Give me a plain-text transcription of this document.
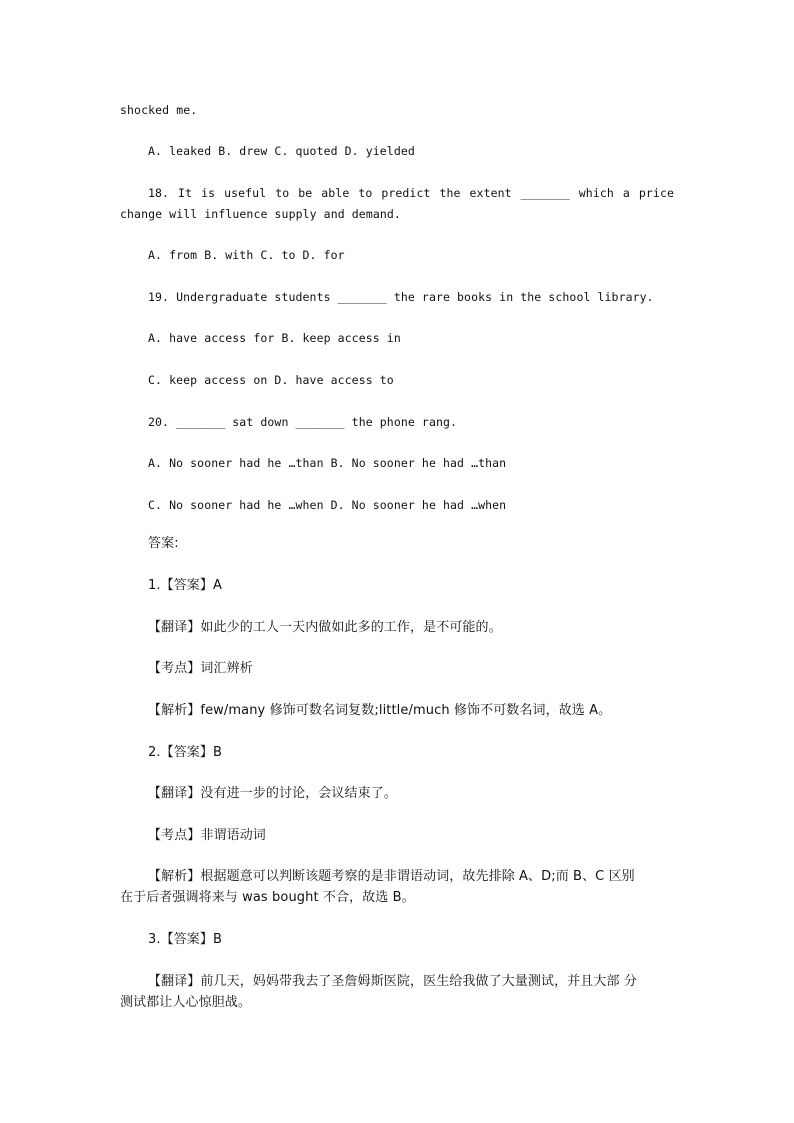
shocked me.
A. leaked B. drew C. quoted D. yielded
18. It is useful to be able to predict the extent _______ which a price
change will influence supply and demand.
A. from B. with C. to D. for
19. Undergraduate students _______ the rare books in the school library.
A. have access for B. keep access in
C. keep access on D. have access to
20. _______ sat down _______ the phone rang.
A. No sooner had he …than B. No sooner he had …than
C. No sooner had he …when D. No sooner he had …when
答案:
1.【答案】A
【翻译】如此少的工人一天内做如此多的工作，是不可能的。
【考点】词汇辨析
【解析】few/many 修饰可数名词复数;little/much 修饰不可数名词，故选 A。
2.【答案】B
【翻译】没有进一步的讨论，会议结束了。
【考点】非谓语动词
【解析】根据题意可以判断该题考察的是非谓语动词，故先排除 A、D;而 B、C 区别
在于后者强调将来与 was bought 不合，故选 B。
3.【答案】B
【翻译】前几天，妈妈带我去了圣詹姆斯医院，医生给我做了大量测试，并且大部 分
测试都让人心惊胆战。
